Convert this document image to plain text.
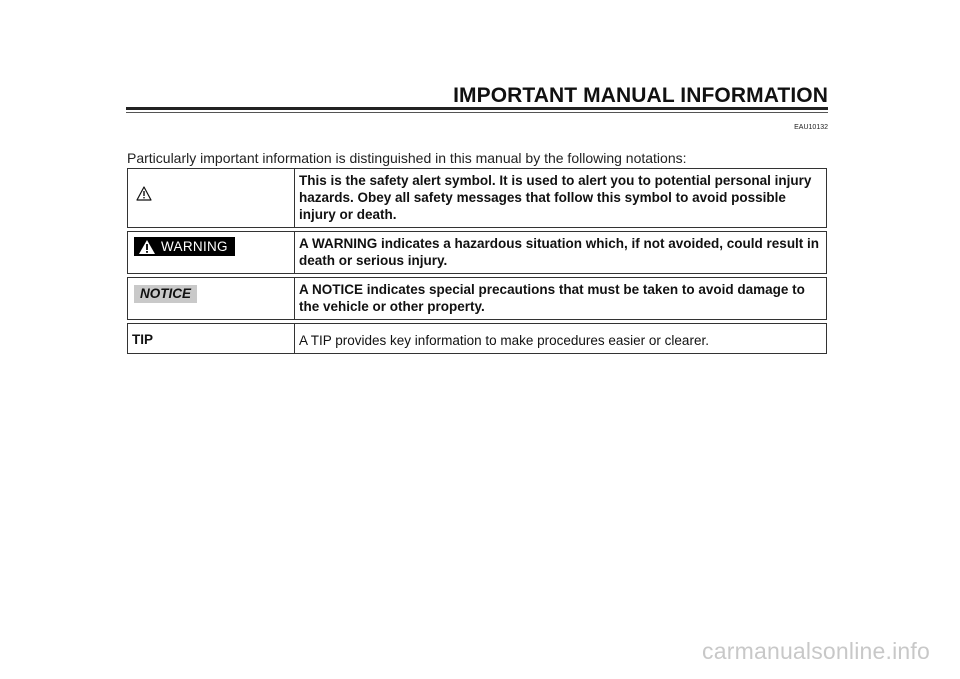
IMPORTANT MANUAL INFORMATION
EAU10132
Particularly important information is distinguished in this manual by the following notations:

This is the safety alert symbol. It is used to alert you to potential personal injury hazards. Obey all safety messages that follow this symbol to avoid possible injury or death.

WARNING	A WARNING indicates a hazardous situation which, if not avoided, could result in death or serious injury.

NOTICE	A NOTICE indicates special precautions that must be taken to avoid damage to the vehicle or other property.

TIP	A TIP provides key information to make procedures easier or clearer.
carmanualsonline.info
